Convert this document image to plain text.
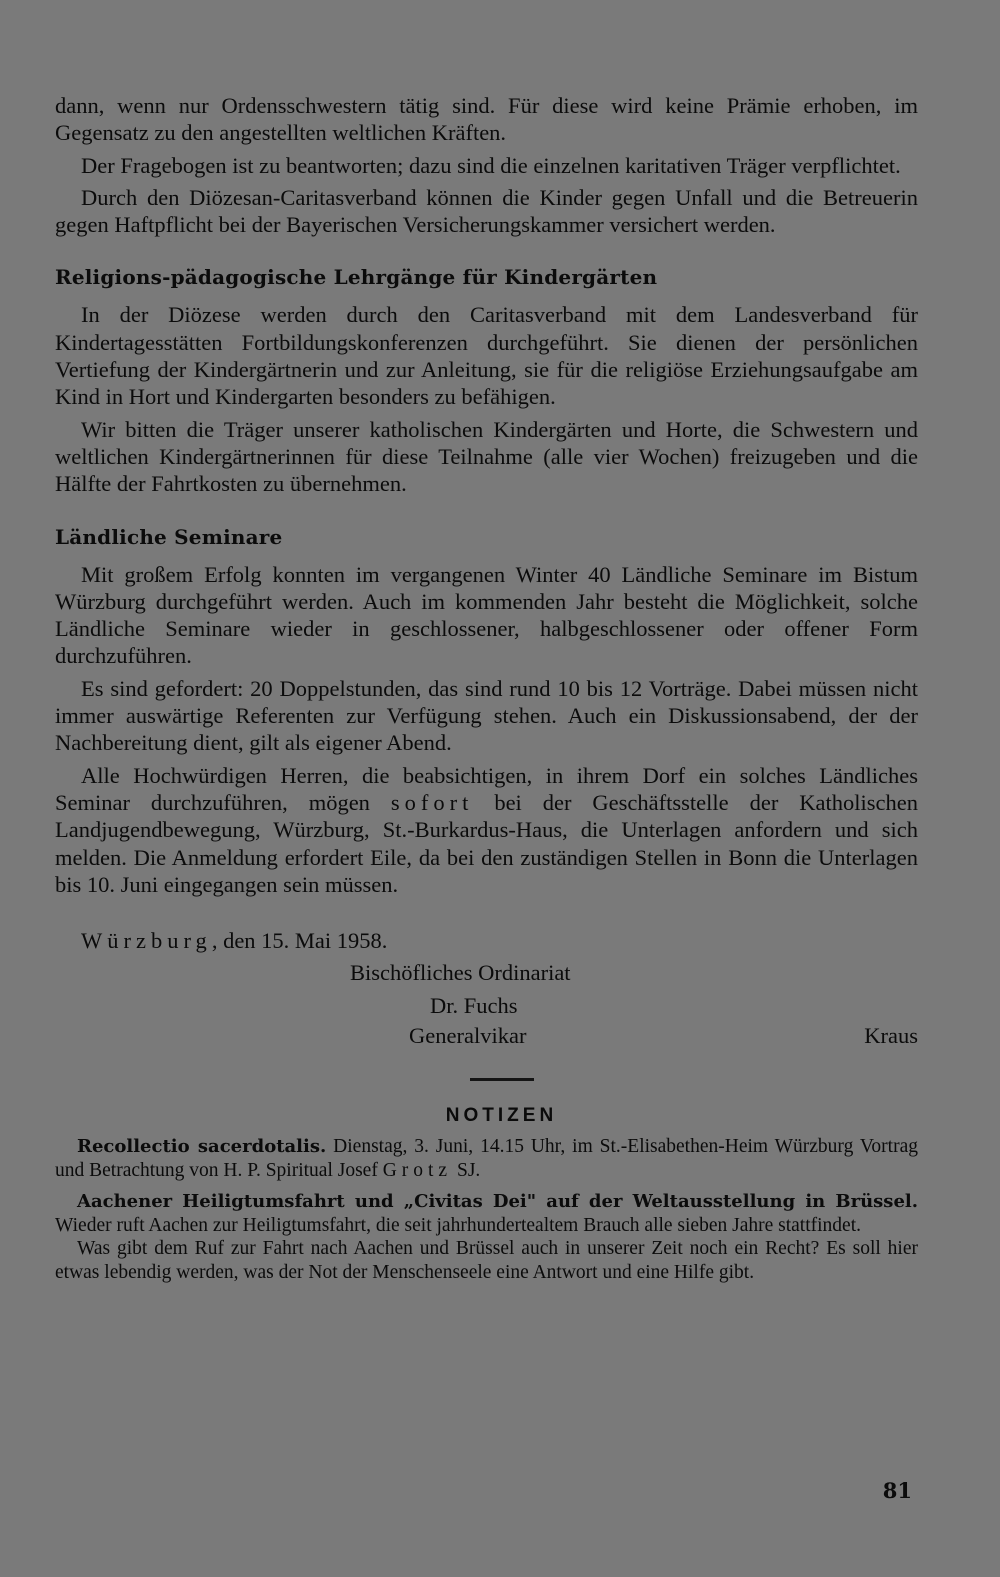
dann, wenn nur Ordensschwestern tätig sind. Für diese wird keine Prämie erhoben, im Gegensatz zu den angestellten weltlichen Kräften.

Der Fragebogen ist zu beantworten; dazu sind die einzelnen karitativen Träger verpflichtet.

Durch den Diözesan-Caritasverband können die Kinder gegen Unfall und die Betreuerin gegen Haftpflicht bei der Bayerischen Versicherungskammer versichert werden.

Religions-pädagogische Lehrgänge für Kindergärten

In der Diözese werden durch den Caritasverband mit dem Landesverband für Kindertagesstätten Fortbildungskonferenzen durchgeführt. Sie dienen der persönlichen Vertiefung der Kindergärtnerin und zur Anleitung, sie für die religiöse Erziehungsaufgabe am Kind in Hort und Kindergarten besonders zu befähigen.

Wir bitten die Träger unserer katholischen Kindergärten und Horte, die Schwestern und weltlichen Kindergärtnerinnen für diese Teilnahme (alle vier Wochen) freizugeben und die Hälfte der Fahrtkosten zu übernehmen.

Ländliche Seminare

Mit großem Erfolg konnten im vergangenen Winter 40 Ländliche Seminare im Bistum Würzburg durchgeführt werden. Auch im kommenden Jahr besteht die Möglichkeit, solche Ländliche Seminare wieder in geschlossener, halbgeschlossener oder offener Form durchzuführen.

Es sind gefordert: 20 Doppelstunden, das sind rund 10 bis 12 Vorträge. Dabei müssen nicht immer auswärtige Referenten zur Verfügung stehen. Auch ein Diskussionsabend, der der Nachbereitung dient, gilt als eigener Abend.

Alle Hochwürdigen Herren, die beabsichtigen, in ihrem Dorf ein solches Ländliches Seminar durchzuführen, mögen sofort bei der Geschäftsstelle der Katholischen Landjugendbewegung, Würzburg, St.-Burkardus-Haus, die Unterlagen anfordern und sich melden. Die Anmeldung erfordert Eile, da bei den zuständigen Stellen in Bonn die Unterlagen bis 10. Juni eingegangen sein müssen.

Würzburg, den 15. Mai 1958.

Bischöfliches Ordinariat
Dr. Fuchs
Generalvikar	Kraus
NOTIZEN

Recollectio sacerdotalis. Dienstag, 3. Juni, 14.15 Uhr, im St.-Elisabethen-Heim Würzburg Vortrag und Betrachtung von H. P. Spiritual Josef Grotz SJ.

Aachener Heiligtumsfahrt und „Civitas Dei" auf der Weltausstellung in Brüssel. Wieder ruft Aachen zur Heiligtumsfahrt, die seit jahrhundertealtem Brauch alle sieben Jahre stattfindet.

Was gibt dem Ruf zur Fahrt nach Aachen und Brüssel auch in unserer Zeit noch ein Recht? Es soll hier etwas lebendig werden, was der Not der Menschenseele eine Antwort und eine Hilfe gibt.

81
